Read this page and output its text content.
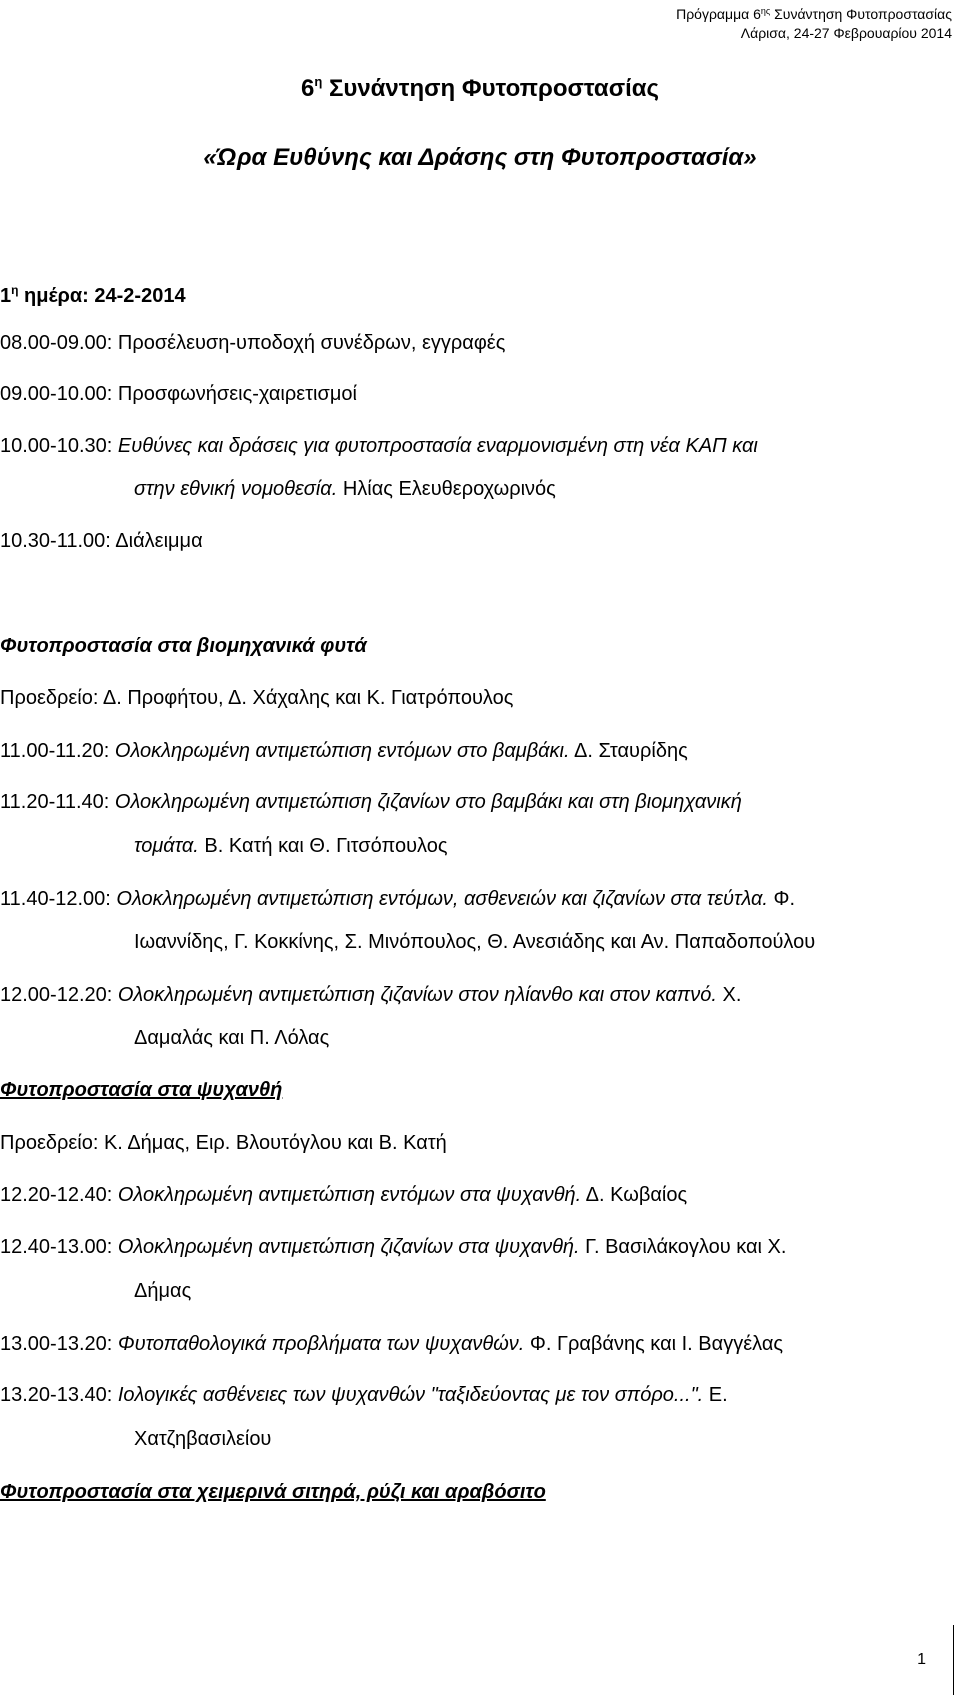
Πρόγραμμα $6^{\eta\varsigma}$ Συνάντηση Φυτοπροστασίας
Λάρισα, 24-27 Φεβρουαρίου 2014
$6^\eta$ Συνάντηση Φυτοπροστασίας
«Ώρα Ευθύνης και Δράσης στη Φυτοπροστασία»
$1^\eta$ ημέρα: 24-2-2014
08.00-09.00: Προσέλευση-υποδοχή συνέδρων, εγγραφές
09.00-10.00: Προσφωνήσεις-χαιρετισμοί
10.00-10.30: Ευθύνες και δράσεις για φυτοπροστασία εναρμονισμένη στη νέα ΚΑΠ και
στην εθνική νομοθεσία. Ηλίας Ελευθεροχωρινός
10.30-11.00: Διάλειμμα
Φυτοπροστασία στα βιομηχανικά φυτά
Προεδρείο: Δ. Προφήτου, Δ. Χάχαλης και Κ. Γιατρόπουλος
11.00-11.20: Ολοκληρωμένη αντιμετώπιση εντόμων στο βαμβάκι. Δ. Σταυρίδης
11.20-11.40: Ολοκληρωμένη αντιμετώπιση ζιζανίων στο βαμβάκι και στη βιομηχανική
τομάτα. Β. Κατή και Θ. Γιτσόπουλος
11.40-12.00: Ολοκληρωμένη αντιμετώπιση εντόμων, ασθενειών και ζιζανίων στα τεύτλα. Φ.
Ιωαννίδης, Γ. Κοκκίνης, Σ. Μινόπουλος, Θ. Ανεσιάδης και Αν. Παπαδοπούλου
12.00-12.20: Ολοκληρωμένη αντιμετώπιση ζιζανίων στον ηλίανθο και στον καπνό. Χ.
Δαμαλάς και Π. Λόλας
Φυτοπροστασία στα ψυχανθή
Προεδρείο: Κ. Δήμας, Ειρ. Βλουτόγλου και Β. Κατή
12.20-12.40: Ολοκληρωμένη αντιμετώπιση εντόμων στα ψυχανθή. Δ. Κωβαίος
12.40-13.00: Ολοκληρωμένη αντιμετώπιση ζιζανίων στα ψυχανθή. Γ. Βασιλάκογλου και Χ.
Δήμας
13.00-13.20: Φυτοπαθολογικά προβλήματα των ψυχανθών. Φ. Γραβάνης και Ι. Βαγγέλας
13.20-13.40: Ιολογικές ασθένειες των ψυχανθών "ταξιδεύοντας με τον σπόρο...". Ε.
Χατζηβασιλείου
Φυτοπροστασία στα χειμερινά σιτηρά, ρύζι και αραβόσιτο
1
